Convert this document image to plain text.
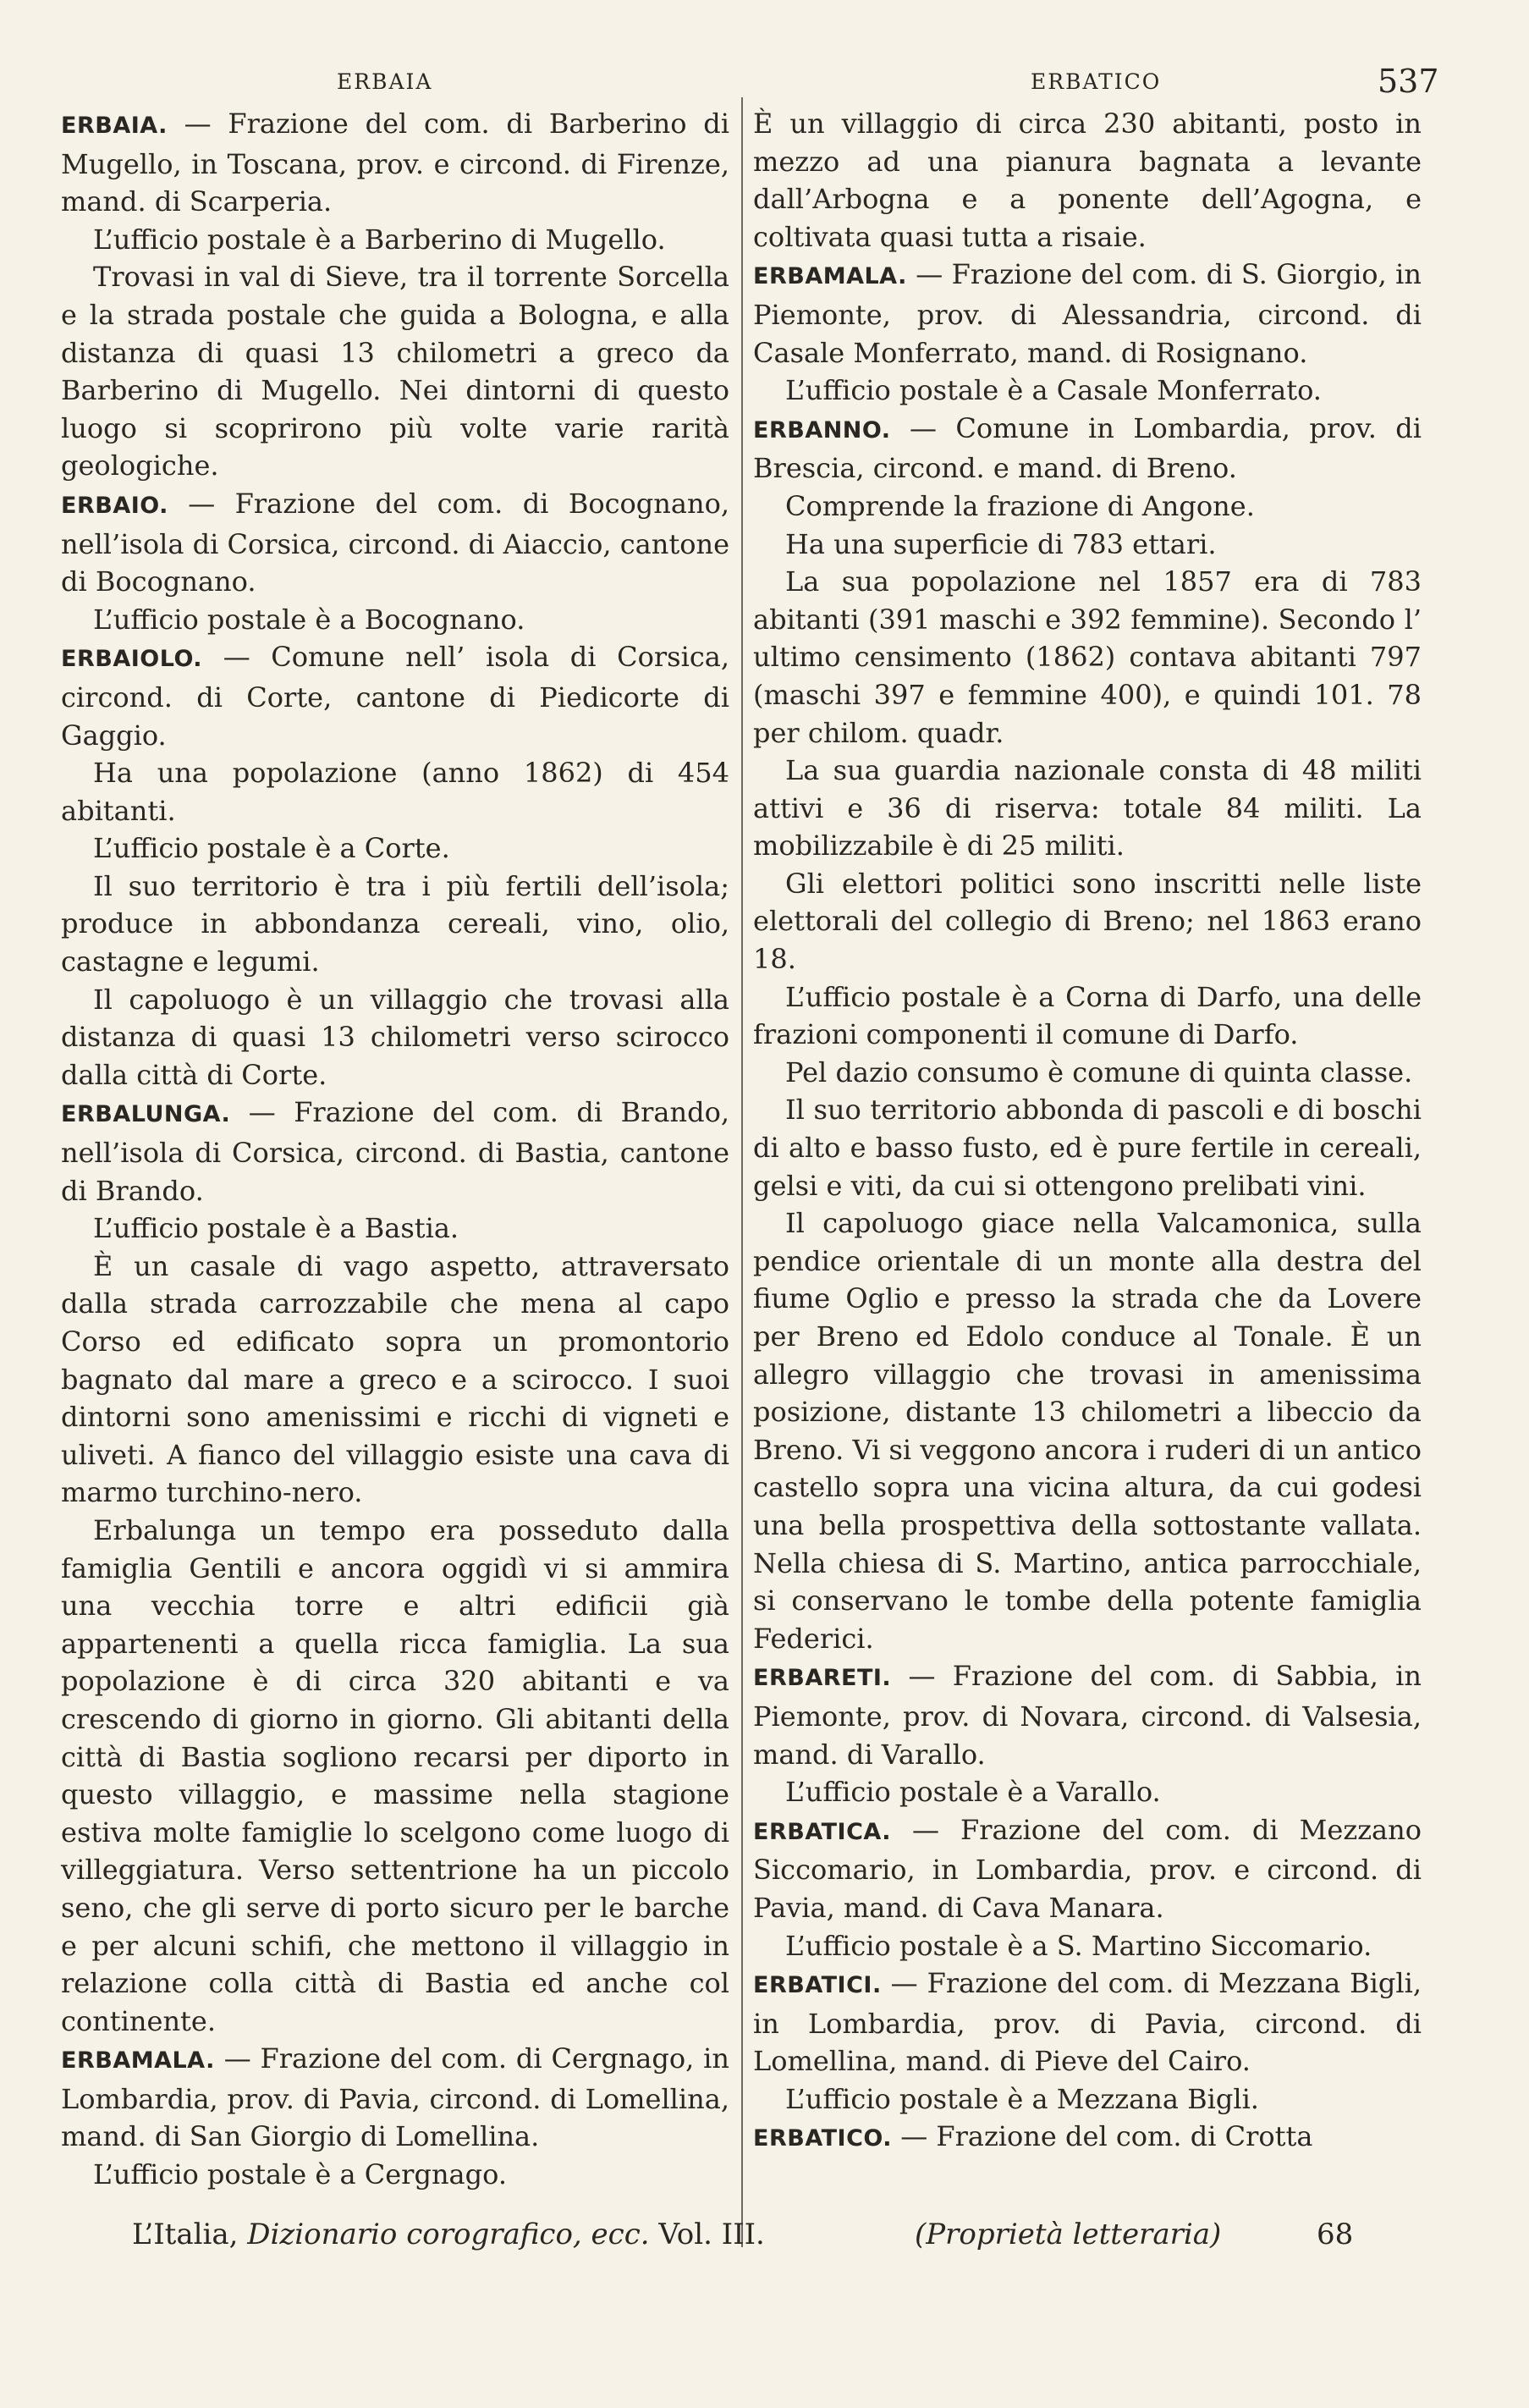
ERBAIA	ERBATICO	537

ERBAIA. — Frazione del com. di Barberino di Mugello, in Toscana, prov. e circond. di Firenze, mand. di Scarperia.

L’ufficio postale è a Barberino di Mugello.

Trovasi in val di Sieve, tra il torrente Sorcella e la strada postale che guida a Bologna, e alla distanza di quasi 13 chilometri a greco da Barberino di Mugello. Nei dintorni di questo luogo si scoprirono più volte varie rarità geologiche.

ERBAIO. — Frazione del com. di Bocognano, nell’isola di Corsica, circond. di Aiaccio, cantone di Bocognano.

L’ufficio postale è a Bocognano.

ERBAIOLO. — Comune nell’ isola di Corsica, circond. di Corte, cantone di Piedicorte di Gaggio.

Ha una popolazione (anno 1862) di 454 abitanti.

L’ufficio postale è a Corte.

Il suo territorio è tra i più fertili dell’isola; produce in abbondanza cereali, vino, olio, castagne e legumi.

Il capoluogo è un villaggio che trovasi alla distanza di quasi 13 chilometri verso scirocco dalla città di Corte.

ERBALUNGA. — Frazione del com. di Brando, nell’isola di Corsica, circond. di Bastia, cantone di Brando.

L’ufficio postale è a Bastia.

È un casale di vago aspetto, attraversato dalla strada carrozzabile che mena al capo Corso ed edificato sopra un promontorio bagnato dal mare a greco e a scirocco. I suoi dintorni sono amenissimi e ricchi di vigneti e uliveti. A fianco del villaggio esiste una cava di marmo turchino-nero.

Erbalunga un tempo era posseduto dalla famiglia Gentili e ancora oggidì vi si ammira una vecchia torre e altri edificii già appartenenti a quella ricca famiglia. La sua popolazione è di circa 320 abitanti e va crescendo di giorno in giorno. Gli abitanti della città di Bastia sogliono recarsi per diporto in questo villaggio, e massime nella stagione estiva molte famiglie lo scelgono come luogo di villeggiatura. Verso settentrione ha un piccolo seno, che gli serve di porto sicuro per le barche e per alcuni schifi, che mettono il villaggio in relazione colla città di Bastia ed anche col continente.

ERBAMALA. — Frazione del com. di Cergnago, in Lombardia, prov. di Pavia, circond. di Lomellina, mand. di San Giorgio di Lomellina.

L’ufficio postale è a Cergnago.

È un villaggio di circa 230 abitanti, posto in mezzo ad una pianura bagnata a levante dall’Arbogna e a ponente dell’Agogna, e coltivata quasi tutta a risaie.

ERBAMALA. — Frazione del com. di S. Giorgio, in Piemonte, prov. di Alessandria, circond. di Casale Monferrato, mand. di Rosignano.

L’ufficio postale è a Casale Monferrato.

ERBANNO. — Comune in Lombardia, prov. di Brescia, circond. e mand. di Breno.

Comprende la frazione di Angone.

Ha una superficie di 783 ettari.

La sua popolazione nel 1857 era di 783 abitanti (391 maschi e 392 femmine). Secondo l’ ultimo censimento (1862) contava abitanti 797 (maschi 397 e femmine 400), e quindi 101. 78 per chilom. quadr.

La sua guardia nazionale consta di 48 militi attivi e 36 di riserva: totale 84 militi. La mobilizzabile è di 25 militi.

Gli elettori politici sono inscritti nelle liste elettorali del collegio di Breno; nel 1863 erano 18.

L’ufficio postale è a Corna di Darfo, una delle frazioni componenti il comune di Darfo.

Pel dazio consumo è comune di quinta classe.

Il suo territorio abbonda di pascoli e di boschi di alto e basso fusto, ed è pure fertile in cereali, gelsi e viti, da cui si ottengono prelibati vini.

Il capoluogo giace nella Valcamonica, sulla pendice orientale di un monte alla destra del fiume Oglio e presso la strada che da Lovere per Breno ed Edolo conduce al Tonale. È un allegro villaggio che trovasi in amenissima posizione, distante 13 chilometri a libeccio da Breno. Vi si veggono ancora i ruderi di un antico castello sopra una vicina altura, da cui godesi una bella prospettiva della sottostante vallata. Nella chiesa di S. Martino, antica parrocchiale, si conservano le tombe della potente famiglia Federici.

ERBARETI. — Frazione del com. di Sabbia, in Piemonte, prov. di Novara, circond. di Valsesia, mand. di Varallo.

L’ufficio postale è a Varallo.

ERBATICA. — Frazione del com. di Mezzano Siccomario, in Lombardia, prov. e circond. di Pavia, mand. di Cava Manara.

L’ufficio postale è a S. Martino Siccomario.

ERBATICI. — Frazione del com. di Mezzana Bigli, in Lombardia, prov. di Pavia, circond. di Lomellina, mand. di Pieve del Cairo.

L’ufficio postale è a Mezzana Bigli.

ERBATICO. — Frazione del com. di Crotta

L’Italia, Dizionario corografico, ecc. Vol. III.	(Proprietà letteraria)	68
